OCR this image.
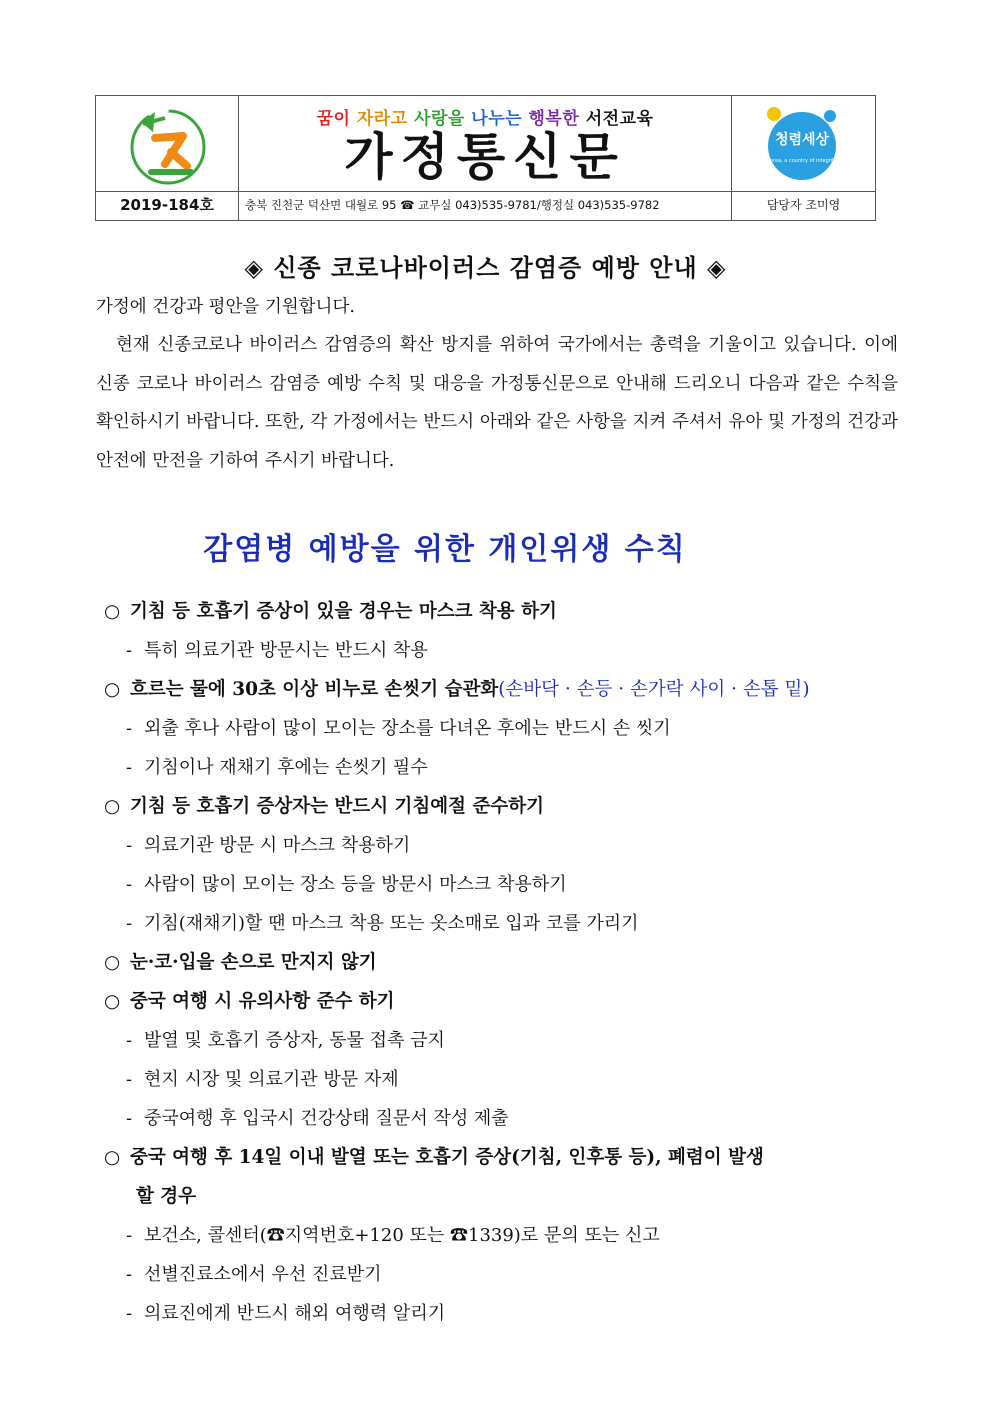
꿈이 자라고 사랑을 나누는 행복한 서전교육
가정통신문	청렴세상
Korea, a country of integrity
2019-184호	충북 진천군 덕산면 대월로 95 ☎ 교무실 043)535-9781/행정실 043)535-9782	담당자 조미영
◈ 신종 코로나바이러스 감염증 예방 안내 ◈
가정에 건강과 평안을 기원합니다.
현재 신종코로나 바이러스 감염증의 확산 방지를 위하여 국가에서는 총력을 기울이고 있습니다. 이에 신종 코로나 바이러스 감염증 예방 수칙 및 대응을 가정통신문으로 안내해 드리오니 다음과 같은 수칙을 확인하시기 바랍니다. 또한, 각 가정에서는 반드시 아래와 같은 사항을 지켜 주셔서 유아 및 가정의 건강과 안전에 만전을 기하여 주시기 바랍니다.
감염병 예방을 위한 개인위생 수칙
○ 기침 등 호흡기 증상이 있을 경우는 마스크 착용 하기
- 특히 의료기관 방문시는 반드시 착용
○ 흐르는 물에 30초 이상 비누로 손씻기 습관화(손바닥 · 손등 · 손가락 사이 · 손톱 밑)
- 외출 후나 사람이 많이 모이는 장소를 다녀온 후에는 반드시 손 씻기
- 기침이나 재채기 후에는 손씻기 필수
○ 기침 등 호흡기 증상자는 반드시 기침예절 준수하기
- 의료기관 방문 시 마스크 착용하기
- 사람이 많이 모이는 장소 등을 방문시 마스크 착용하기
- 기침(재채기)할 땐 마스크 착용 또는 옷소매로 입과 코를 가리기
○ 눈·코·입을 손으로 만지지 않기
○ 중국 여행 시 유의사항 준수 하기
- 발열 및 호흡기 증상자, 동물 접촉 금지
- 현지 시장 및 의료기관 방문 자제
- 중국여행 후 입국시 건강상태 질문서 작성 제출
○ 중국 여행 후 14일 이내 발열 또는 호흡기 증상(기침, 인후통 등), 폐렴이 발생
할 경우
- 보건소, 콜센터(☎지역번호+120 또는 ☎1339)로 문의 또는 신고
- 선별진료소에서 우선 진료받기
- 의료진에게 반드시 해외 여행력 알리기
